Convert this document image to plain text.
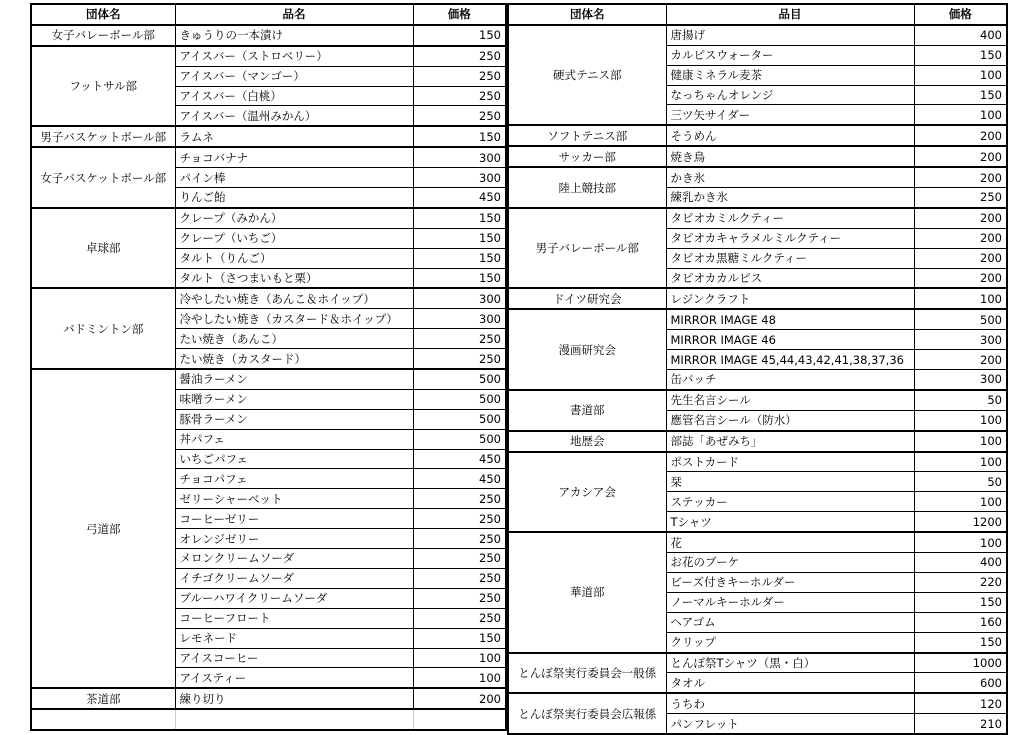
団体名	品名	価格
女子バレーボール部	きゅうりの一本漬け	150
フットサル部	アイスバー（ストロベリー）	250
	アイスバー（マンゴー）	250
	アイスバー（白桃）	250
	アイスバー（温州みかん）	250
男子バスケットボール部	ラムネ	150
女子バスケットボール部	チョコバナナ	300
	パイン棒	300
	りんご飴	450
卓球部	クレープ（みかん）	150
	クレープ（いちご）	150
	タルト（りんご）	150
	タルト（さつまいもと栗）	150
バドミントン部	冷やしたい焼き（あんこ＆ホイップ）	300
	冷やしたい焼き（カスタード＆ホイップ）	300
	たい焼き（あんこ）	250
	たい焼き（カスタード）	250
弓道部	醤油ラーメン	500
	味噌ラーメン	500
	豚骨ラーメン	500
	丼パフェ	500
	いちごパフェ	450
	チョコパフェ	450
	ゼリーシャーベット	250
	コーヒーゼリー	250
	オレンジゼリー	250
	メロンクリームソーダ	250
	イチゴクリームソーダ	250
	ブルーハワイクリームソーダ	250
	コーヒーフロート	250
	レモネード	150
	アイスコーヒー	100
	アイスティー	100
茶道部	練り切り	200

団体名	品目	価格
硬式テニス部	唐揚げ	400
	カルピスウォーター	150
	健康ミネラル麦茶	100
	なっちゃんオレンジ	150
	三ツ矢サイダー	100
ソフトテニス部	そうめん	200
サッカー部	焼き鳥	200
陸上競技部	かき氷	200
	練乳かき氷	250
男子バレーボール部	タピオカミルクティー	200
	タピオカキャラメルミルクティー	200
	タピオカ黒糖ミルクティー	200
	タピオカカルピス	200
ドイツ研究会	レジンクラフト	100
漫画研究会	MIRROR IMAGE 48	500
	MIRROR IMAGE 46	300
	MIRROR IMAGE 45,44,43,42,41,38,37,36	200
	缶バッチ	300
書道部	先生名言シール	50
	應管名言シール（防水）	100
地歴会	部誌「あぜみち」	100
アカシア会	ポストカード	100
	栞	50
	ステッカー	100
	Tシャツ	1200
華道部	花	100
	お花のブーケ	400
	ビーズ付きキーホルダー	220
	ノーマルキーホルダー	150
	ヘアゴム	160
	クリップ	150
とんぼ祭実行委員会一般係	とんぼ祭Tシャツ（黒・白）	1000
	タオル	600
とんぼ祭実行委員会広報係	うちわ	120
	パンフレット	210
